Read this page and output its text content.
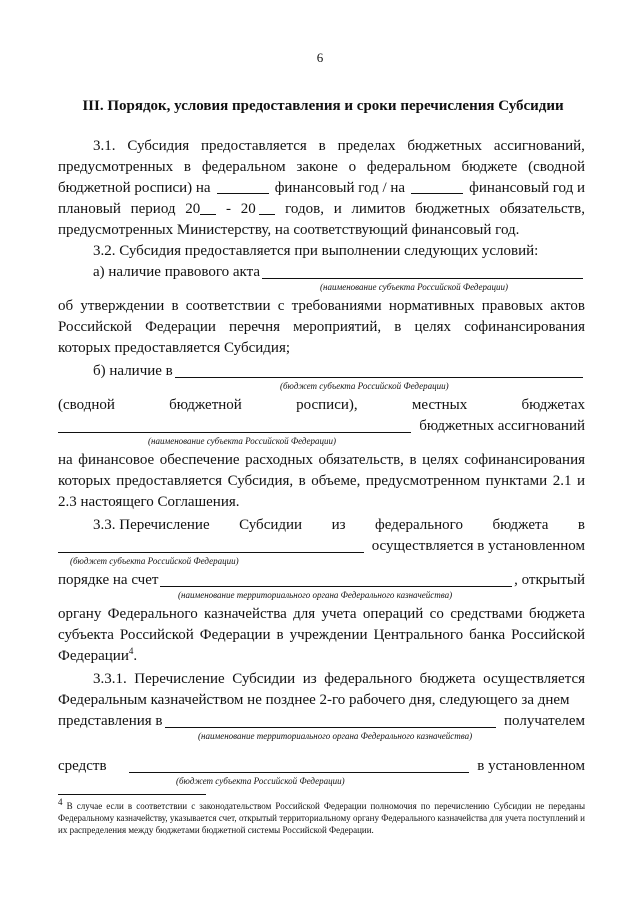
6
III. Порядок, условия предоставления и сроки перечисления Субсидии
3.1. Субсидия предоставляется в пределах бюджетных ассигнований,
предусмотренных в федеральном законе о федеральном бюджете (сводной
бюджетной росписи) на	финансовый год / на	финансовый год и
плановый период 20	- 20	годов, и лимитов бюджетных обязательств,

предусмотренных Министерству, на соответствующий финансовый год.

3.2. Субсидия предоставляется при выполнении следующих условий:

а) наличие правового акта
(наименование субъекта Российской Федерации)

об утверждении в соответствии с требованиями нормативных правовых актов Российской Федерации перечня мероприятий, в целях софинансирования которых предоставляется Субсидия;

б) наличие в
(бюджет субъекта Российской Федерации)
(сводной	бюджетной	росписи),	местных	бюджетах
бюджетных ассигнований
(наименование субъекта Российской Федерации)

на финансовое обеспечение расходных обязательств, в целях софинансирования которых предоставляется Субсидия, в объеме, предусмотренном пунктами 2.1 и 2.3 настоящего Соглашения.

3.3. Перечисление Субсидии из федерального бюджета в
осуществляется в установленном
(бюджет субъекта Российской Федерации)
порядке на счет	, открытый
(наименование территориального органа Федерального казначейства)

органу Федерального казначейства для учета операций со средствами бюджета субъекта Российской Федерации в учреждении Центрального банка Российской Федерации$^4$.

3.3.1. Перечисление Субсидии из федерального бюджета осуществляется Федеральным казначейством не позднее 2-го рабочего дня, следующего за днем

представления в	получателем
(наименование территориального органа Федерального казначейства)
средств	в установленном
(бюджет субъекта Российской Федерации)
$^4$ В случае если в соответствии с законодательством Российской Федерации полномочия по перечислению Субсидии не переданы Федеральному казначейству, указывается счет, открытый территориальному органу Федерального казначейства для учета поступлений и их распределения между бюджетами бюджетной системы Российской Федерации.
